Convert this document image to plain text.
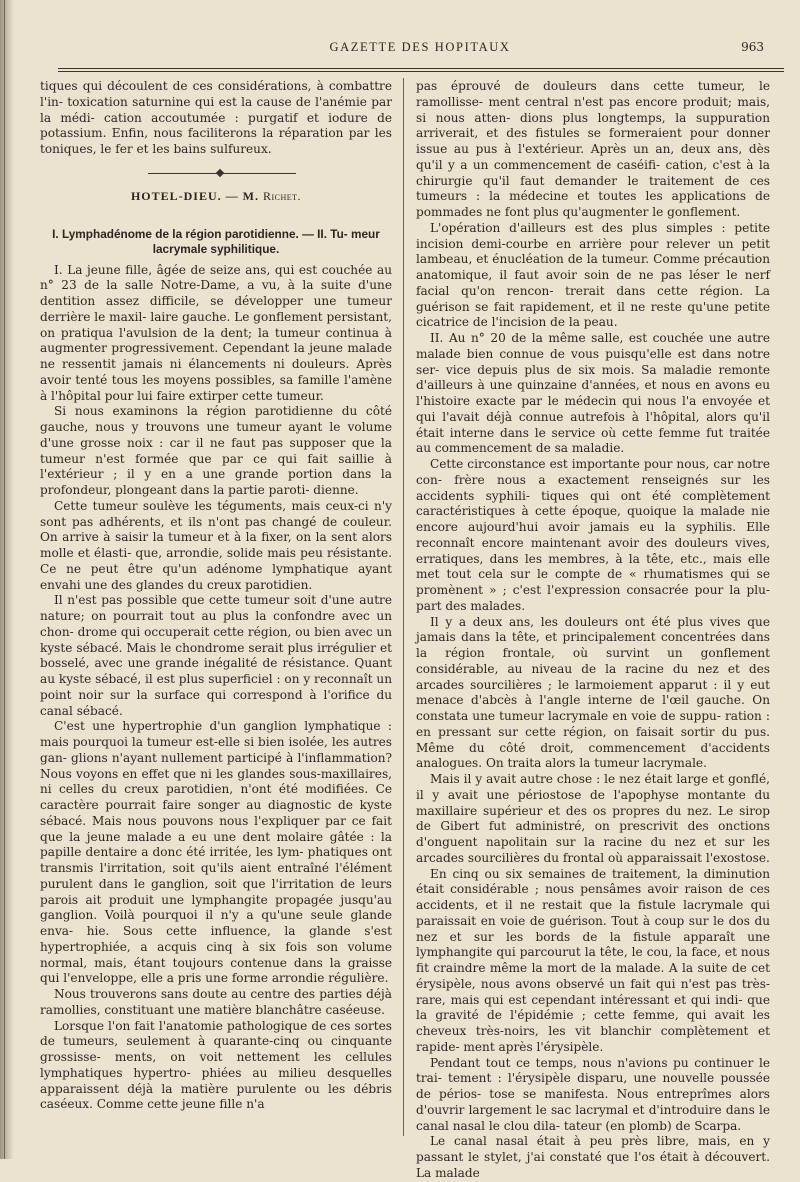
GAZETTE DES HOPITAUX	963

tiques qui découlent de ces considérations, à combattre l'in- toxication saturnine qui est la cause de l'anémie par la médi- cation accoutumée : purgatif et iodure de potassium. Enfin, nous faciliterons la réparation par les toniques, le fer et les bains sulfureux.

HOTEL-DIEU. — M. Richet.
I. Lymphadénome de la région parotidienne. — II. Tu- meur lacrymale syphilitique.

I. La jeune fille, âgée de seize ans, qui est couchée au n° 23 de la salle Notre-Dame, a vu, à la suite d'une dentition assez difficile, se développer une tumeur derrière le maxil- laire gauche. Le gonflement persistant, on pratiqua l'avulsion de la dent; la tumeur continua à augmenter progressivement. Cependant la jeune malade ne ressentit jamais ni élancements ni douleurs. Après avoir tenté tous les moyens possibles, sa famille l'amène à l'hôpital pour lui faire extirper cette tumeur.

Si nous examinons la région parotidienne du côté gauche, nous y trouvons une tumeur ayant le volume d'une grosse noix : car il ne faut pas supposer que la tumeur n'est formée que par ce qui fait saillie à l'extérieur ; il y en a une grande portion dans la profondeur, plongeant dans la partie paroti- dienne.

Cette tumeur soulève les téguments, mais ceux-ci n'y sont pas adhérents, et ils n'ont pas changé de couleur. On arrive à saisir la tumeur et à la fixer, on la sent alors molle et élasti- que, arrondie, solide mais peu résistante. Ce ne peut être qu'un adénome lymphatique ayant envahi une des glandes du creux parotidien.

Il n'est pas possible que cette tumeur soit d'une autre nature; on pourrait tout au plus la confondre avec un chon- drome qui occuperait cette région, ou bien avec un kyste sébacé. Mais le chondrome serait plus irrégulier et bosselé, avec une grande inégalité de résistance. Quant au kyste sébacé, il est plus superficiel : on y reconnaît un point noir sur la surface qui correspond à l'orifice du canal sébacé.

C'est une hypertrophie d'un ganglion lymphatique : mais pourquoi la tumeur est-elle si bien isolée, les autres gan- glions n'ayant nullement participé à l'inflammation? Nous voyons en effet que ni les glandes sous-maxillaires, ni celles du creux parotidien, n'ont été modifiées. Ce caractère pourrait faire songer au diagnostic de kyste sébacé. Mais nous pouvons nous l'expliquer par ce fait que la jeune malade a eu une dent molaire gâtée : la papille dentaire a donc été irritée, les lym- phatiques ont transmis l'irritation, soit qu'ils aient entraîné l'élément purulent dans le ganglion, soit que l'irritation de leurs parois ait produit une lymphangite propagée jusqu'au ganglion. Voilà pourquoi il n'y a qu'une seule glande enva- hie. Sous cette influence, la glande s'est hypertrophiée, a acquis cinq à six fois son volume normal, mais, étant toujours contenue dans la graisse qui l'enveloppe, elle a pris une forme arrondie régulière.

Nous trouverons sans doute au centre des parties déjà ramollies, constituant une matière blanchâtre caséeuse.

Lorsque l'on fait l'anatomie pathologique de ces sortes de tumeurs, seulement à quarante-cinq ou cinquante grossisse- ments, on voit nettement les cellules lymphatiques hypertro- phiées au milieu desquelles apparaissent déjà la matière purulente ou les débris caséeux. Comme cette jeune fille n'a

pas éprouvé de douleurs dans cette tumeur, le ramollisse- ment central n'est pas encore produit; mais, si nous atten- dions plus longtemps, la suppuration arriverait, et des fistules se formeraient pour donner issue au pus à l'extérieur. Après un an, deux ans, dès qu'il y a un commencement de caséifi- cation, c'est à la chirurgie qu'il faut demander le traitement de ces tumeurs : la médecine et toutes les applications de pommades ne font plus qu'augmenter le gonflement.

L'opération d'ailleurs est des plus simples : petite incision demi-courbe en arrière pour relever un petit lambeau, et énucléation de la tumeur. Comme précaution anatomique, il faut avoir soin de ne pas léser le nerf facial qu'on rencon- trerait dans cette région. La guérison se fait rapidement, et il ne reste qu'une petite cicatrice de l'incision de la peau.

II. Au n° 20 de la même salle, est couchée une autre malade bien connue de vous puisqu'elle est dans notre ser- vice depuis plus de six mois. Sa maladie remonte d'ailleurs à une quinzaine d'années, et nous en avons eu l'histoire exacte par le médecin qui nous l'a envoyée et qui l'avait déjà connue autrefois à l'hôpital, alors qu'il était interne dans le service où cette femme fut traitée au commencement de sa maladie.

Cette circonstance est importante pour nous, car notre con- frère nous a exactement renseignés sur les accidents syphili- tiques qui ont été complètement caractéristiques à cette époque, quoique la malade nie encore aujourd'hui avoir jamais eu la syphilis. Elle reconnaît encore maintenant avoir des douleurs vives, erratiques, dans les membres, à la tête, etc., mais elle met tout cela sur le compte de « rhumatismes qui se promènent » ; c'est l'expression consacrée pour la plu- part des malades.

Il y a deux ans, les douleurs ont été plus vives que jamais dans la tête, et principalement concentrées dans la région frontale, où survint un gonflement considérable, au niveau de la racine du nez et des arcades sourcilières ; le larmoiement apparut : il y eut menace d'abcès à l'angle interne de l'œil gauche. On constata une tumeur lacrymale en voie de suppu- ration : en pressant sur cette région, on faisait sortir du pus. Même du côté droit, commencement d'accidents analogues. On traita alors la tumeur lacrymale.

Mais il y avait autre chose : le nez était large et gonflé, il y avait une périostose de l'apophyse montante du maxillaire supérieur et des os propres du nez. Le sirop de Gibert fut administré, on prescrivit des onctions d'onguent napolitain sur la racine du nez et sur les arcades sourcilières du frontal où apparaissait l'exostose.

En cinq ou six semaines de traitement, la diminution était considérable ; nous pensâmes avoir raison de ces accidents, et il ne restait que la fistule lacrymale qui paraissait en voie de guérison. Tout à coup sur le dos du nez et sur les bords de la fistule apparaît une lymphangite qui parcourut la tête, le cou, la face, et nous fit craindre même la mort de la malade. A la suite de cet érysipèle, nous avons observé un fait qui n'est pas très-rare, mais qui est cependant intéressant et qui indi- que la gravité de l'épidémie ; cette femme, qui avait les cheveux très-noirs, les vit blanchir complètement et rapide- ment après l'érysipèle.

Pendant tout ce temps, nous n'avions pu continuer le trai- tement : l'érysipèle disparu, une nouvelle poussée de périos- tose se manifesta. Nous entreprîmes alors d'ouvrir largement le sac lacrymal et d'introduire dans le canal nasal le clou dila- tateur (en plomb) de Scarpa.

Le canal nasal était à peu près libre, mais, en y passant le stylet, j'ai constaté que l'os était à découvert. La malade
